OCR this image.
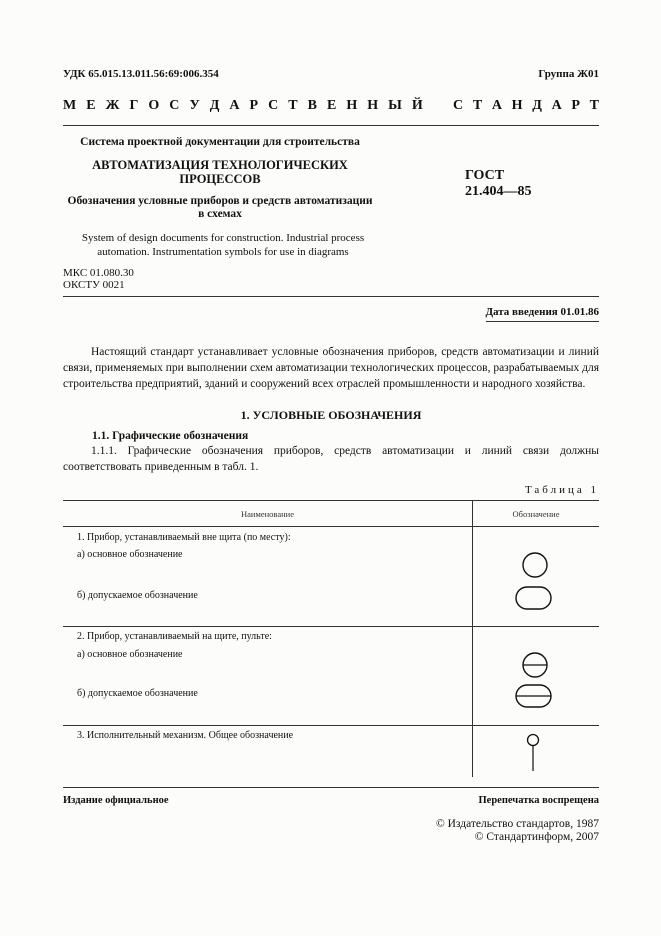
УДК 65.015.13.011.56:69:006.354	Группа Ж01
М Е Ж Г О С У Д А Р С Т В Е Н Н Ы Й С Т А Н Д А Р Т
Система проектной документации для строительства
АВТОМАТИЗАЦИЯ ТЕХНОЛОГИЧЕСКИХ
ПРОЦЕССОВ
Обозначения условные приборов и средств автоматизации
в схемах
System of design documents for construction. Industrial process
automation. Instrumentation symbols for use in diagrams
МКС 01.080.30
ОКСТУ 0021
ГОСТ
21.404—85
Дата введения 01.01.86
Настоящий стандарт устанавливает условные обозначения приборов, средств автоматизации и линий связи, применяемых при выполнении схем автоматизации технологических процессов, разрабатываемых для строительства предприятий, зданий и сооружений всех отраслей промышленности и народного хозяйства.
1. УСЛОВНЫЕ ОБОЗНАЧЕНИЯ
1.1. Графические обозначения
1.1.1. Графические обозначения приборов, средств автоматизации и линий связи должны соответствовать приведенным в табл. 1.
Таблица 1
Наименование	Обозначение
1. Прибор, устанавливаемый вне щита (по месту):
а) основное обозначение
б) допускаемое обозначение
2. Прибор, устанавливаемый на щите, пульте:
а) основное обозначение
б) допускаемое обозначение
3. Исполнительный механизм. Общее обозначение
Издание официальное	Перепечатка воспрещена
© Издательство стандартов, 1987
© Стандартинформ, 2007
